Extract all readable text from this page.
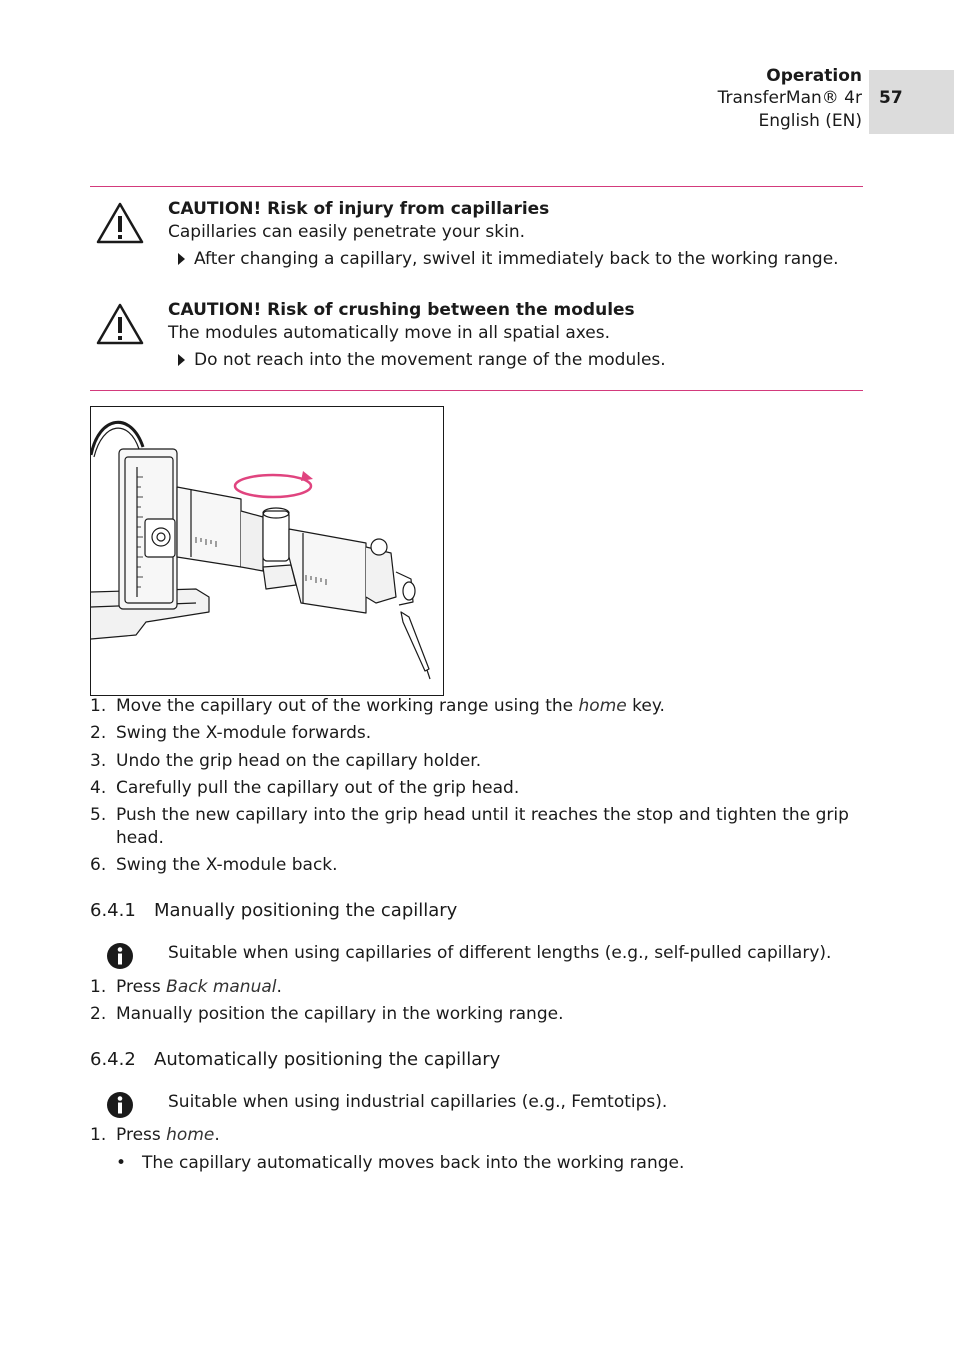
Operation
TransferMan® 4r
English (EN)
57
CAUTION! Risk of injury from capillaries
Capillaries can easily penetrate your skin.
After changing a capillary, swivel it immediately back to the working range.
CAUTION! Risk of crushing between the modules
The modules automatically move in all spatial axes.
Do not reach into the movement range of the modules.
1. Move the capillary out of the working range using the home key.
2. Swing the X-module forwards.
3. Undo the grip head on the capillary holder.
4. Carefully pull the capillary out of the grip head.
5. Push the new capillary into the grip head until it reaches the stop and tighten the grip head.
6. Swing the X-module back.
6.4.1 Manually positioning the capillary
Suitable when using capillaries of different lengths (e.g., self-pulled capillary).
1. Press Back manual.
2. Manually position the capillary in the working range.
6.4.2 Automatically positioning the capillary
Suitable when using industrial capillaries (e.g., Femtotips).
1. Press home.
• The capillary automatically moves back into the working range.
